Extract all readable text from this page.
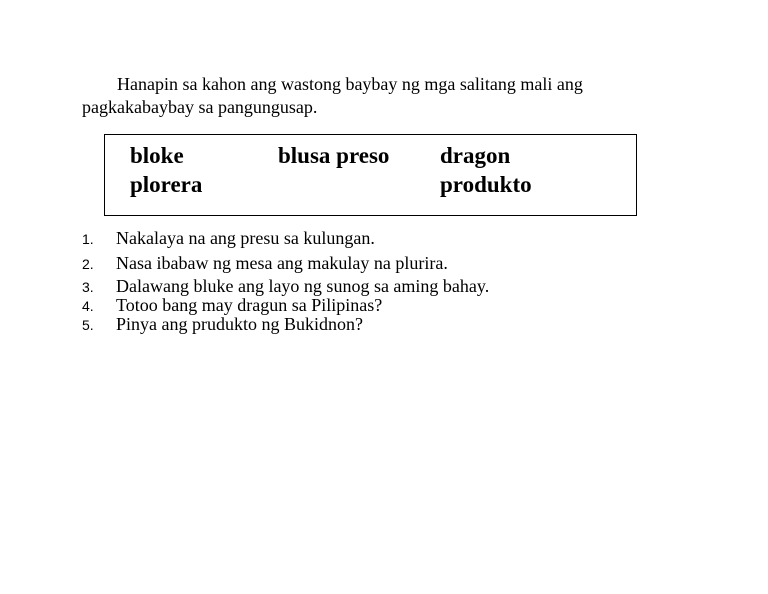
Hanapin sa kahon ang wastong baybay ng mga salitang mali ang pagkakabaybay sa pangungusap.

bloke	blusa preso dragon
plorera	produkto
1. Nakalaya na ang presu sa kulungan.
2. Nasa ibabaw ng mesa ang makulay na plurira.
3. Dalawang bluke ang layo ng sunog sa aming bahay.
4. Totoo bang may dragun sa Pilipinas?
5. Pinya ang prudukto ng Bukidnon?
